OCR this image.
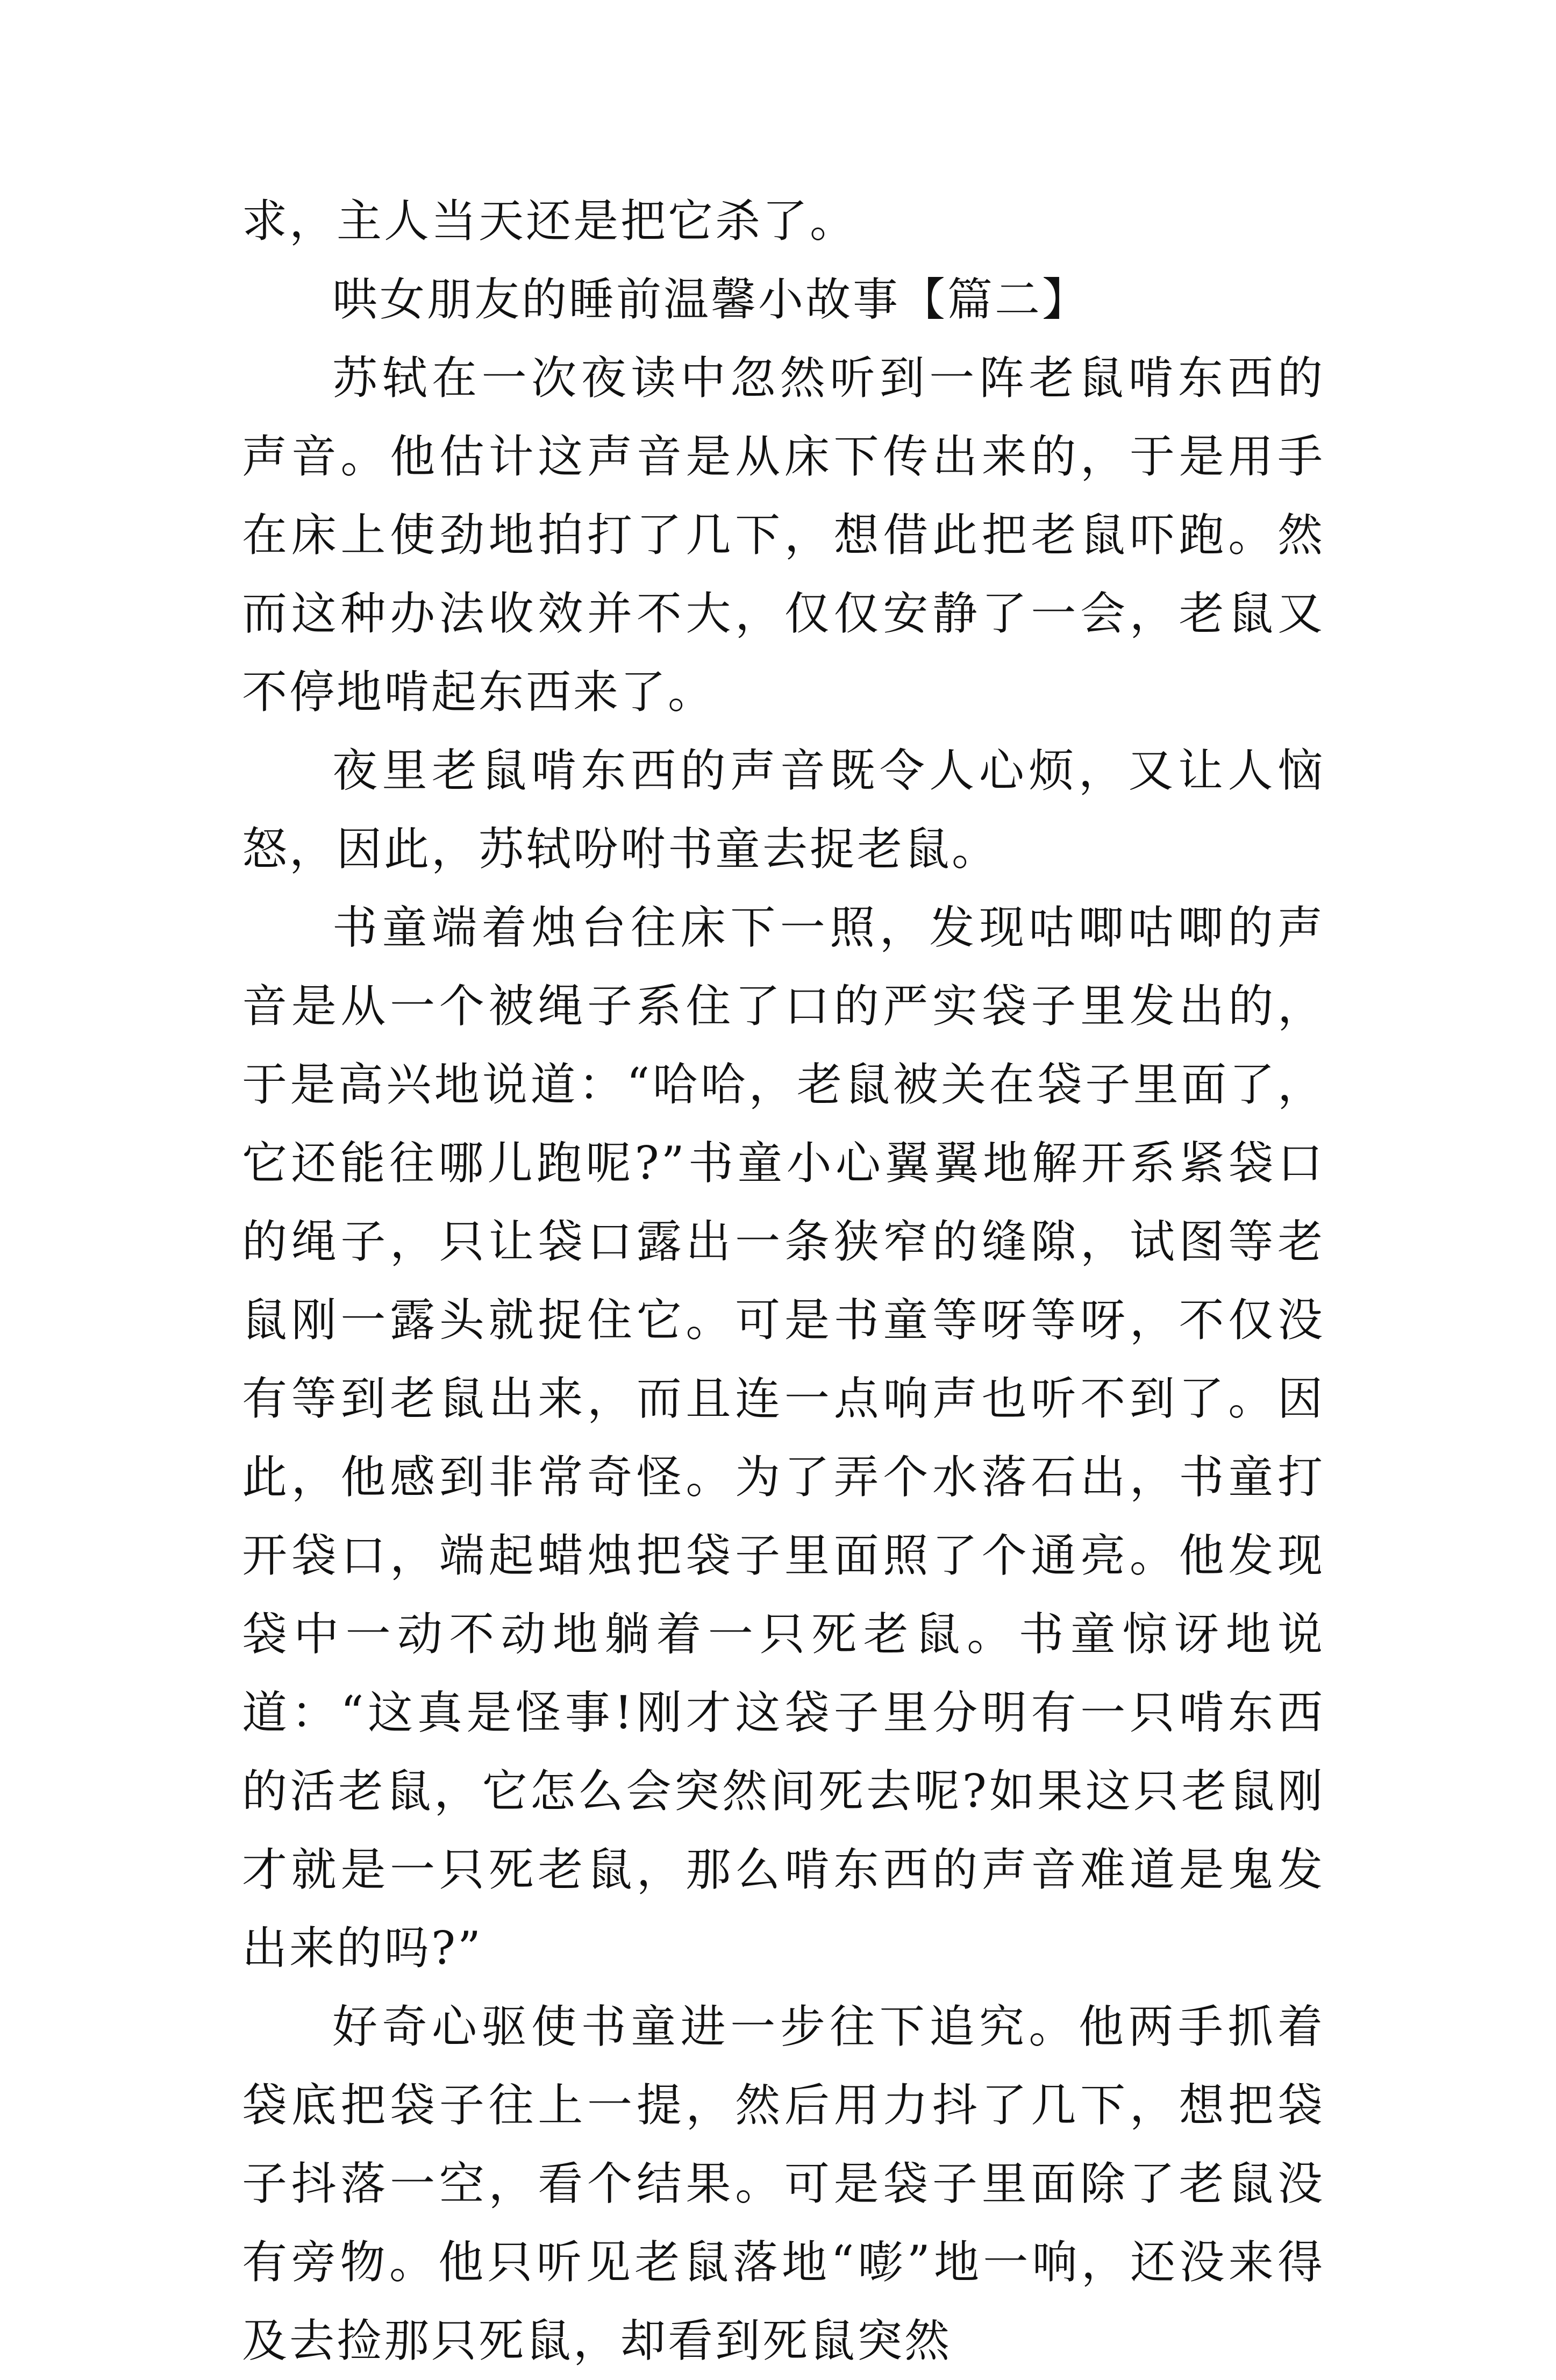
求，主人当天还是把它杀了。

哄女朋友的睡前温馨小故事【篇二】

苏轼在一次夜读中忽然听到一阵老鼠啃东西的声音。他估计这声音是从床下传出来的，于是用手在床上使劲地拍打了几下，想借此把老鼠吓跑。然而这种办法收效并不大，仅仅安静了一会，老鼠又不停地啃起东西来了。

夜里老鼠啃东西的声音既令人心烦，又让人恼怒，因此，苏轼吩咐书童去捉老鼠。

书童端着烛台往床下一照，发现咕唧咕唧的声音是从一个被绳子系住了口的严实袋子里发出的，于是高兴地说道：“哈哈，老鼠被关在袋子里面了，它还能往哪儿跑呢?”书童小心翼翼地解开系紧袋口的绳子，只让袋口露出一条狭窄的缝隙，试图等老鼠刚一露头就捉住它。可是书童等呀等呀，不仅没有等到老鼠出来，而且连一点响声也听不到了。因此，他感到非常奇怪。为了弄个水落石出，书童打开袋口，端起蜡烛把袋子里面照了个通亮。他发现袋中一动不动地躺着一只死老鼠。书童惊讶地说道：“这真是怪事!刚才这袋子里分明有一只啃东西的活老鼠，它怎么会突然间死去呢?如果这只老鼠刚才就是一只死老鼠，那么啃东西的声音难道是鬼发出来的吗?”

好奇心驱使书童进一步往下追究。他两手抓着袋底把袋子往上一提，然后用力抖了几下，想把袋子抖落一空，看个结果。可是袋子里面除了老鼠没有旁物。他只听见老鼠落地“嘭”地一响，还没来得及去捡那只死鼠，却看到死鼠突然
